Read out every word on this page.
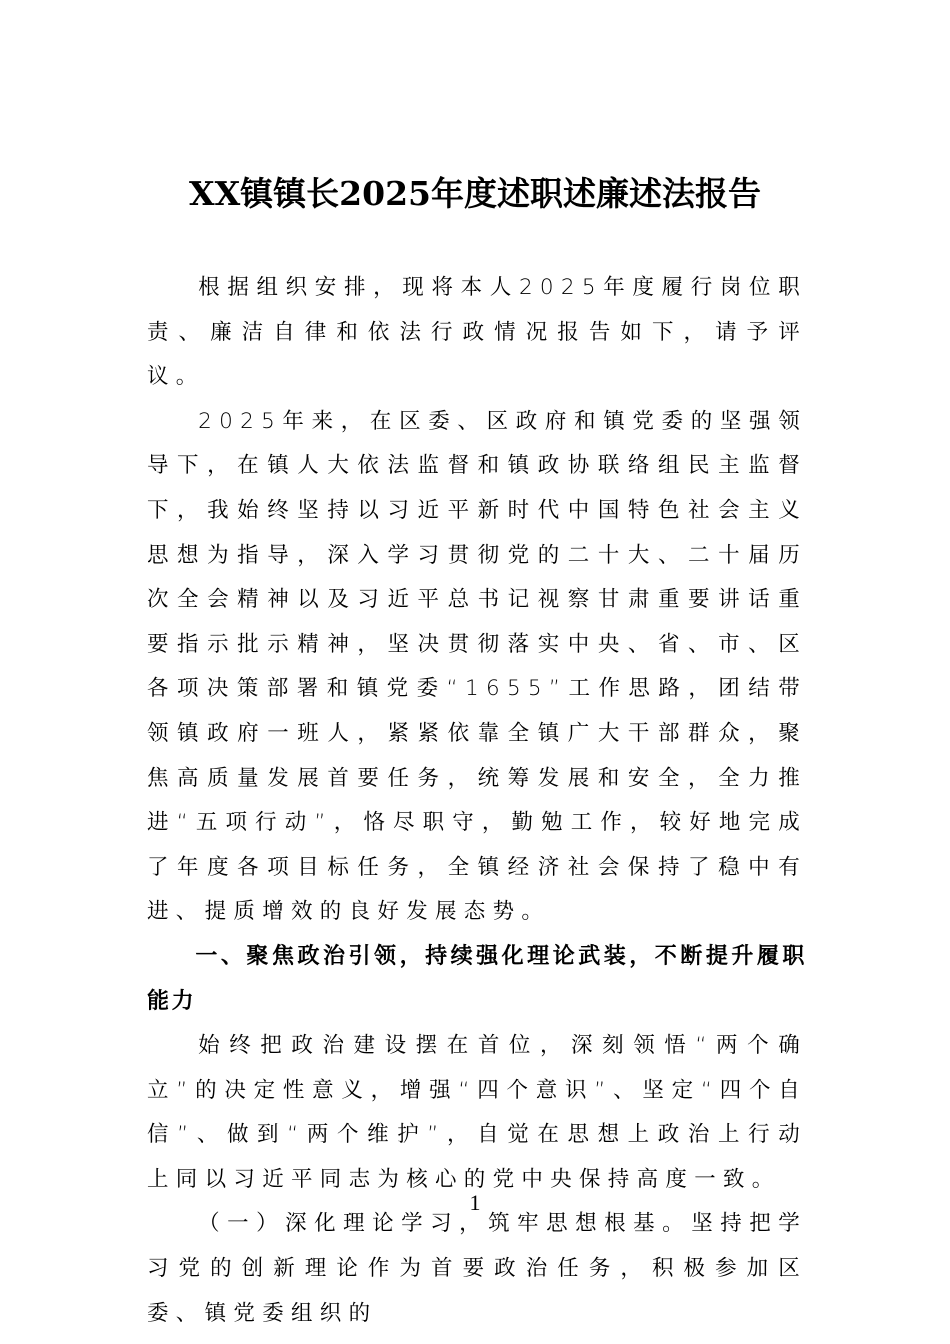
XX镇镇长2025年度述职述廉述法报告

根据组织安排，现将本人2025年度履行岗位职责、廉洁自律和依法行政情况报告如下，请予评议。

2025年来，在区委、区政府和镇党委的坚强领导下，在镇人大依法监督和镇政协联络组民主监督下，我始终坚持以习近平新时代中国特色社会主义思想为指导，深入学习贯彻党的二十大、二十届历次全会精神以及习近平总书记视察甘肃重要讲话重要指示批示精神，坚决贯彻落实中央、省、市、区各项决策部署和镇党委“1655”工作思路，团结带领镇政府一班人，紧紧依靠全镇广大干部群众，聚焦高质量发展首要任务，统筹发展和安全，全力推进“五项行动”，恪尽职守，勤勉工作，较好地完成了年度各项目标任务，全镇经济社会保持了稳中有进、提质增效的良好发展态势。

一、聚焦政治引领，持续强化理论武装，不断提升履职能力

始终把政治建设摆在首位，深刻领悟“两个确立”的决定性意义，增强“四个意识”、坚定“四个自信”、做到“两个维护”，自觉在思想上政治上行动上同以习近平同志为核心的党中央保持高度一致。

（一）深化理论学习，筑牢思想根基。坚持把学习党的创新理论作为首要政治任务，积极参加区委、镇党委组织的

1
